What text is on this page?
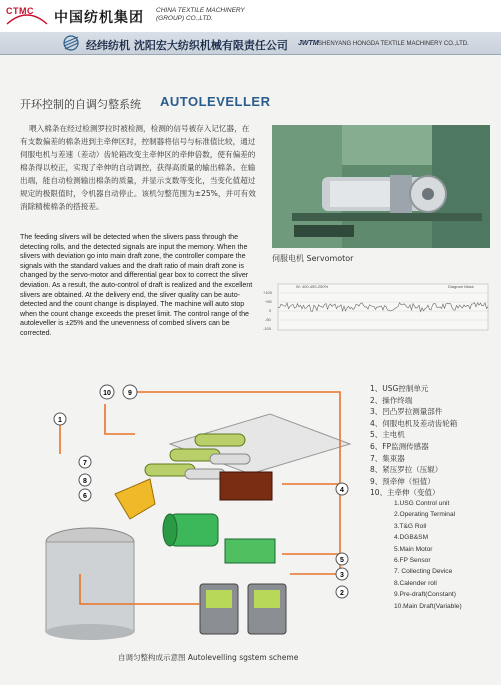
CTMC 中国纺机集团 CHINA TEXTILE MACHINERY
(GROUP) CO.,LTD.
经纬纺机 沈阳宏大纺织机械有限责任公司 JWTM SHENYANG HONGDA TEXTILE MACHINERY CO.,LTD.
开环控制的自调匀整系统 AUTOLEVELLER
喂入棉条在经过检测罗拉时被检测，检测的信号被存入记忆器，在有支数偏差的棉条进到主牵伸区时，控制器将信号与标准值比较，通过伺服电机与差速（差动）齿轮箱改变主牵伸区的牵伸倍数，使有偏差的棉条得以校正，实现了牵伸的自动调控，获得高质量的输出棉条。在输出端，能自动检测输出棉条的质量，并显示支数等变化，当变化值超过规定的极限值时，令机器自动停止。该机匀整范围为±25%，并可有效消除精梳棉条的搭接差。
The feeding slivers will be detected when the slivers pass through the detecting rolls, and the detected signals are input the memory. When the slivers with deviation go into main draft zone, the controller compare the signals with the standard values and the draft ratio of main draft zone is changed by the servo-motor and differential gear box to correct the sliver deviation. As a result, the auto-control of draft is realized and the excellent slivers are obtained. At the delivery end, the sliver quality can be auto-detected and the count change is displayed. The machine will auto stop when the count change exceeds the preset limit. The control range of the autoleveller is ±25% and the unevenness of combed slivers can be corrected.
伺服电机 Servomotor
W: 400-450-250%	Diagram Mass
+100
+50
0
-50
-100
10 9
1
7
8
6
4
5
3
2
自调匀整构成示意图 Autolevelling sgstem scheme
1、USG控制单元
2、操作终端
3、凹凸罗拉测量部件
4、伺服电机及差动齿轮箱
5、主电机
6、FP监测传感器
7、集束器
8、紧压罗拉（压辊）
9、预牵伸（恒值）
10、主牵伸（变值）
1.USG Control unit
2.Operating Terminal
3.T&G Roll
4.DGB&SM
5.Main Motor
6.FP Sensor
7. Collecting Device
8.Calender roll
9.Pre-draft(Constant)
10.Main Draft(Variable)
